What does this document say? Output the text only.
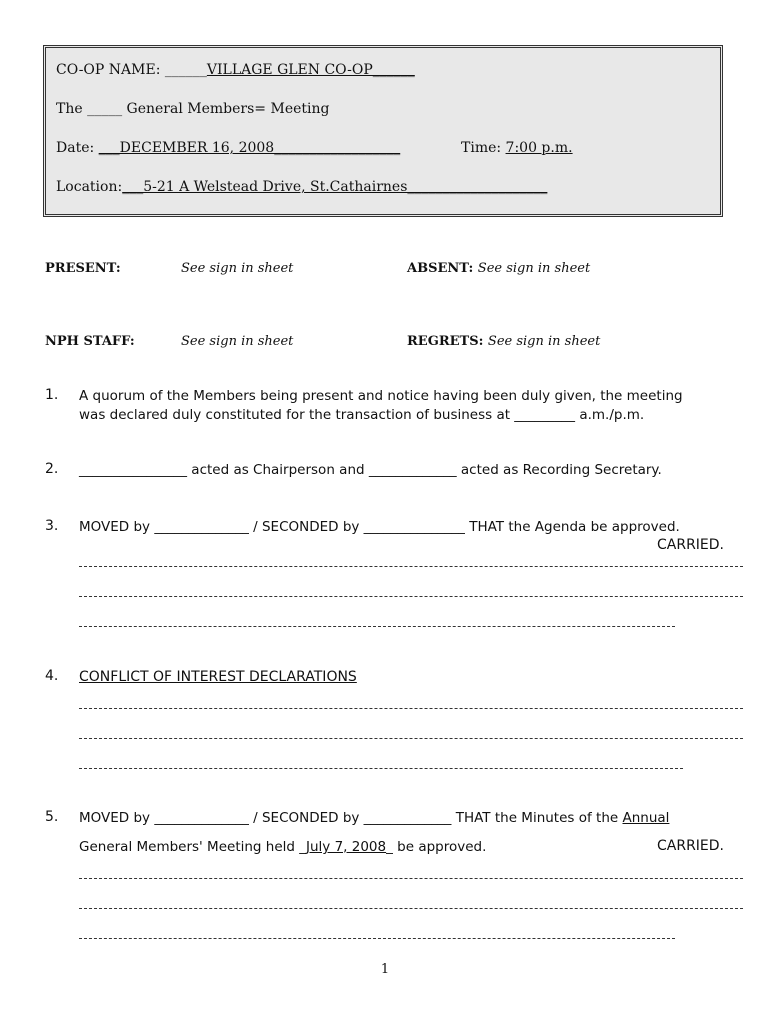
CO-OP NAME: ______VILLAGE GLEN CO-OP______
The _____ General Members= Meeting
Date: ___DECEMBER 16, 2008__________________	Time: 7:00 p.m.
Location:___5-21 A Welstead Drive, St.Cathairnes____________________
PRESENT:	See sign in sheet	ABSENT: See sign in sheet
NPH STAFF:	See sign in sheet	REGRETS: See sign in sheet
1. A quorum of the Members being present and notice having been duly given, the meeting
was declared duly constituted for the transaction of business at _________ a.m./p.m.
2. ________________ acted as Chairperson and _____________ acted as Recording Secretary.
3. MOVED by ______________ / SECONDED by _______________ THAT the Agenda be approved.
CARRIED.
4. CONFLICT OF INTEREST DECLARATIONS
5. MOVED by ______________ / SECONDED by _____________ THAT the Minutes of the Annual
General Members' Meeting held _July 7, 2008_ be approved.	CARRIED.
1
